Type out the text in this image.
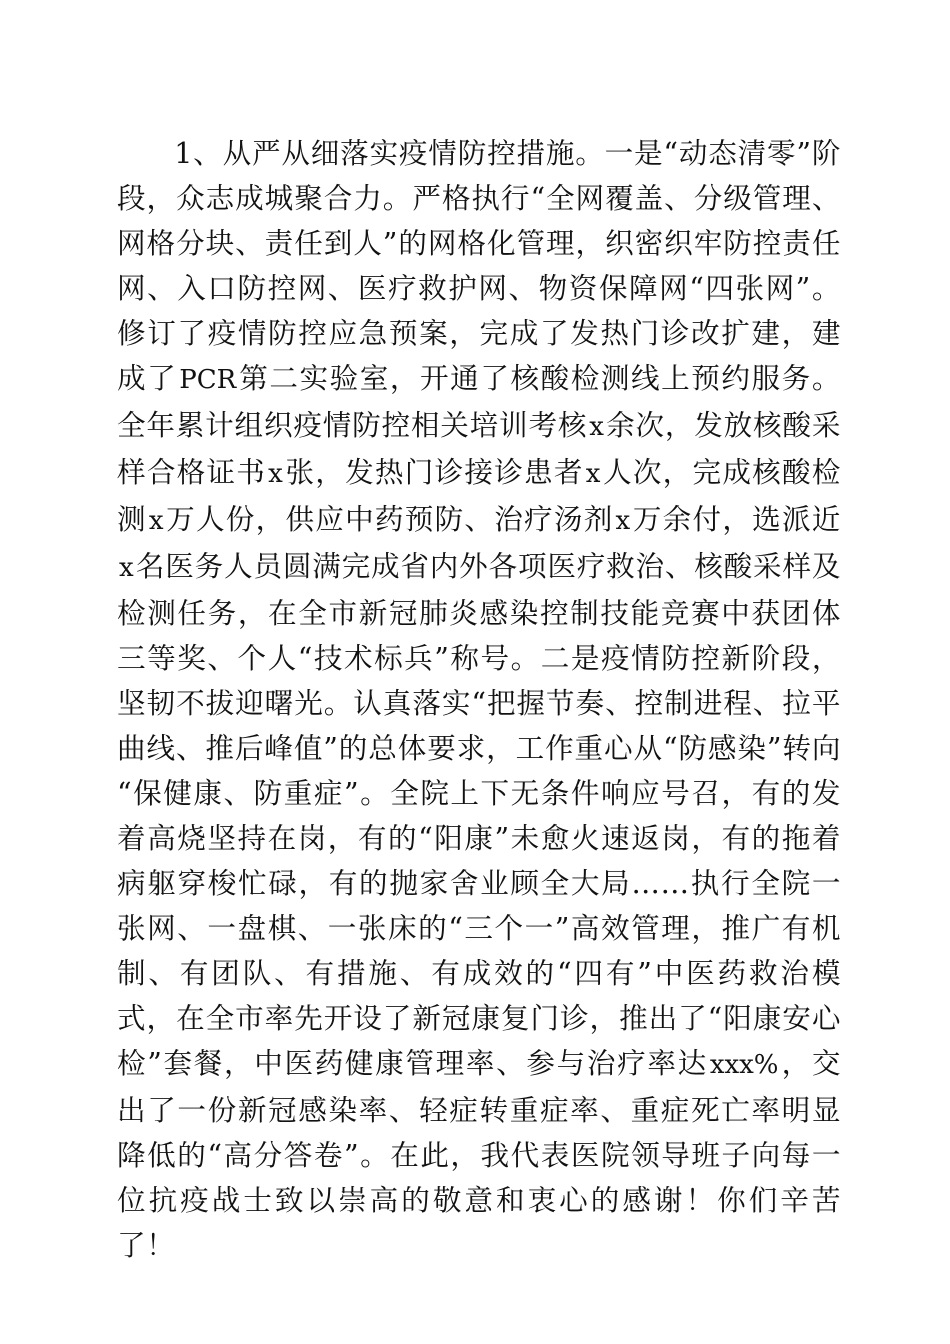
1、从严从细落实疫情防控措施。一是“动态清零”阶段，众志成城聚合力。严格执行“全网覆盖、分级管理、网格分块、责任到人”的网格化管理，织密织牢防控责任网、入口防控网、医疗救护网、物资保障网“四张网”。修订了疫情防控应急预案，完成了发热门诊改扩建，建成了PCR第二实验室，开通了核酸检测线上预约服务。全年累计组织疫情防控相关培训考核x余次，发放核酸采样合格证书x张，发热门诊接诊患者x人次，完成核酸检测x万人份，供应中药预防、治疗汤剂x万余付，选派近x名医务人员圆满完成省内外各项医疗救治、核酸采样及检测任务，在全市新冠肺炎感染控制技能竞赛中获团体三等奖、个人“技术标兵”称号。二是疫情防控新阶段，坚韧不拔迎曙光。认真落实“把握节奏、控制进程、拉平曲线、推后峰值”的总体要求，工作重心从“防感染”转向“保健康、防重症”。全院上下无条件响应号召，有的发着高烧坚持在岗，有的“阳康”未愈火速返岗，有的拖着病躯穿梭忙碌，有的抛家舍业顾全大局……执行全院一张网、一盘棋、一张床的“三个一”高效管理，推广有机制、有团队、有措施、有成效的“四有”中医药救治模式，在全市率先开设了新冠康复门诊，推出了“阳康安心检”套餐，中医药健康管理率、参与治疗率达xxx%，交出了一份新冠感染率、轻症转重症率、重症死亡率明显降低的“高分答卷”。在此，我代表医院领导班子向每一位抗疫战士致以崇高的敬意和衷心的感谢！你们辛苦了！
